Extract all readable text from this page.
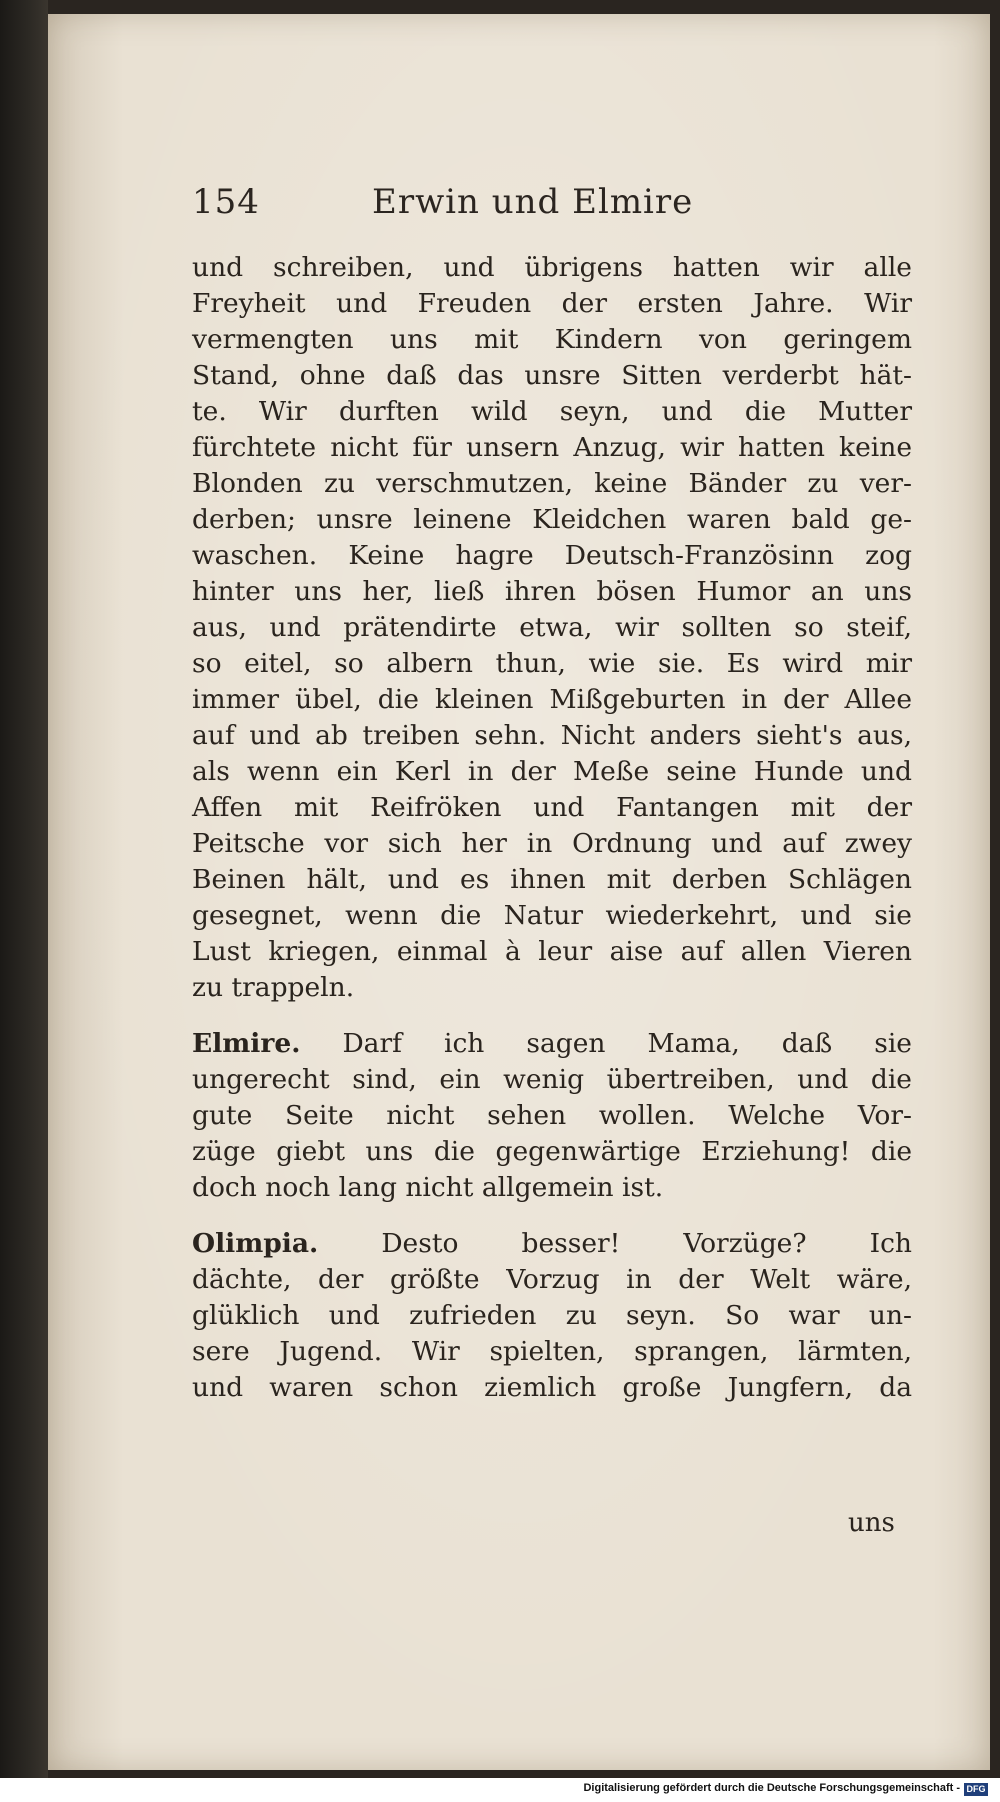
154	Erwin und Elmire
und schreiben, und übrigens hatten wir alle
Freyheit und Freuden der ersten Jahre. Wir
vermengten uns mit Kindern von geringem
Stand, ohne daß das unsre Sitten verderbt hät-
te. Wir durften wild seyn, und die Mutter
fürchtete nicht für unsern Anzug, wir hatten keine
Blonden zu verschmutzen, keine Bänder zu ver-
derben; unsre leinene Kleidchen waren bald ge-
waschen. Keine hagre Deutsch-Französinn zog
hinter uns her, ließ ihren bösen Humor an uns
aus, und prätendirte etwa, wir sollten so steif,
so eitel, so albern thun, wie sie. Es wird mir
immer übel, die kleinen Mißgeburten in der Allee
auf und ab treiben sehn. Nicht anders sieht's aus,
als wenn ein Kerl in der Meße seine Hunde und
Affen mit Reifröken und Fantangen mit der
Peitsche vor sich her in Ordnung und auf zwey
Beinen hält, und es ihnen mit derben Schlägen
gesegnet, wenn die Natur wiederkehrt, und sie
Lust kriegen, einmal à leur aise auf allen Vieren
zu trappeln.
Elmire. Darf ich sagen Mama, daß sie
ungerecht sind, ein wenig übertreiben, und die
gute Seite nicht sehen wollen. Welche Vor-
züge giebt uns die gegenwärtige Erziehung! die
doch noch lang nicht allgemein ist.
Olimpia. Desto besser! Vorzüge? Ich
dächte, der größte Vorzug in der Welt wäre,
glüklich und zufrieden zu seyn. So war un-
sere Jugend. Wir spielten, sprangen, lärmten,
und waren schon ziemlich große Jungfern, da
uns
Digitalisierung gefördert durch die Deutsche Forschungsgemeinschaft - DFG
